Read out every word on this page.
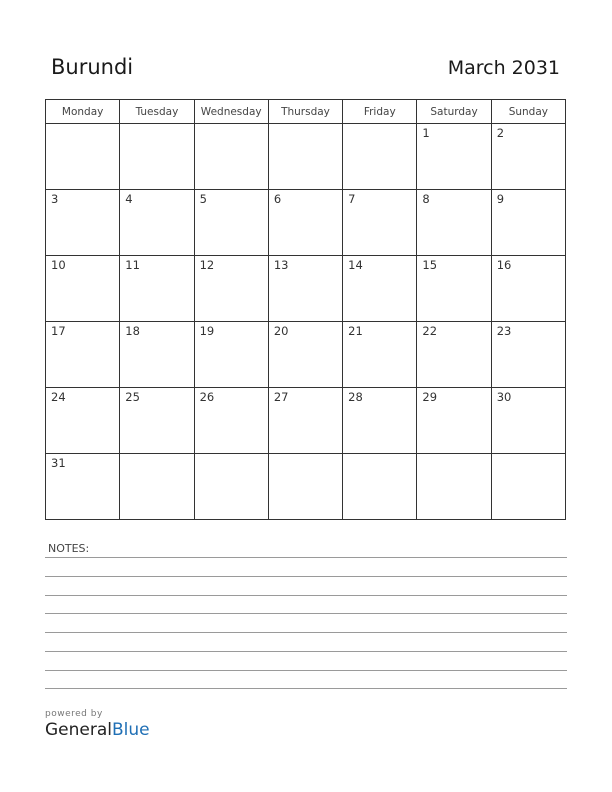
Burundi	March 2031
Monday	Tuesday	Wednesday	Thursday	Friday	Saturday	Sunday

					1	2

3	4	5	6	7	8	9

10	11	12	13	14	15	16

17	18	19	20	21	22	23

24	25	26	27	28	29	30

31						

NOTES:
powered by
GeneralBlue
